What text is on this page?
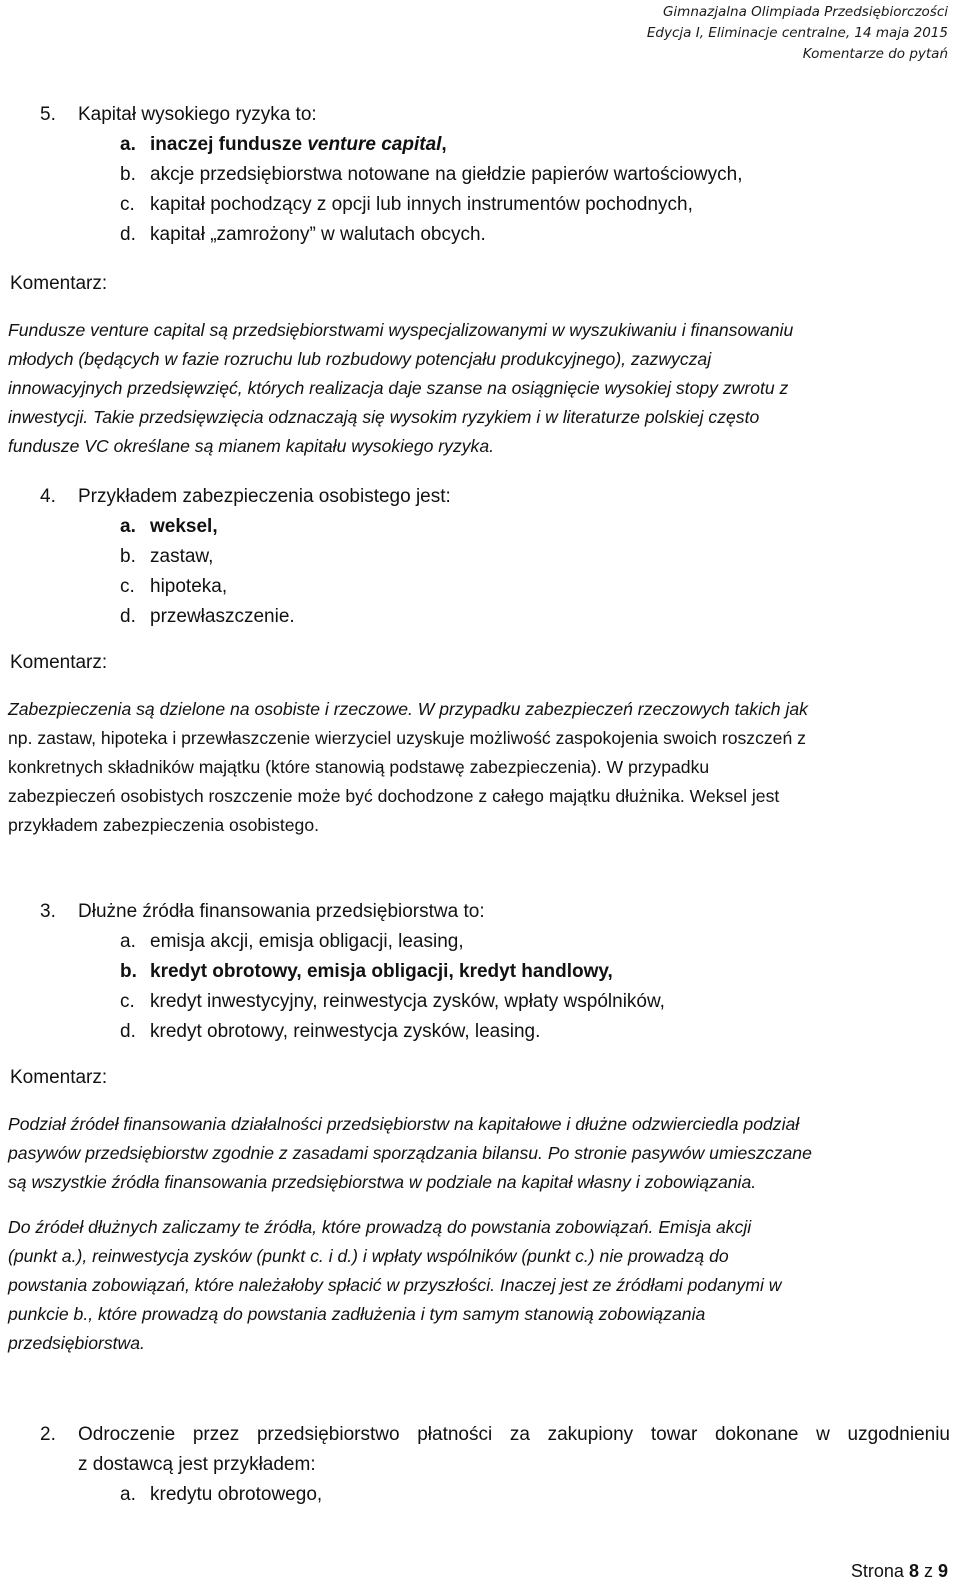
Gimnazjalna Olimpiada Przedsiębiorczości
Edycja I, Eliminacje centralne, 14 maja 2015
Komentarze do pytań
5. Kapitał wysokiego ryzyka to:
a. inaczej fundusze venture capital,
b. akcje przedsiębiorstwa notowane na giełdzie papierów wartościowych,
c. kapitał pochodzący z opcji lub innych instrumentów pochodnych,
d. kapitał „zamrożony” w walutach obcych.
Komentarz:
Fundusze venture capital są przedsiębiorstwami wyspecjalizowanymi w wyszukiwaniu i finansowaniu
młodych (będących w fazie rozruchu lub rozbudowy potencjału produkcyjnego), zazwyczaj
innowacyjnych przedsięwzięć, których realizacja daje szanse na osiągnięcie wysokiej stopy zwrotu z
inwestycji. Takie przedsięwzięcia odznaczają się wysokim ryzykiem i w literaturze polskiej często
fundusze VC określane są mianem kapitału wysokiego ryzyka.
4. Przykładem zabezpieczenia osobistego jest:
a. weksel,
b. zastaw,
c. hipoteka,
d. przewłaszczenie.
Komentarz:
Zabezpieczenia są dzielone na osobiste i rzeczowe. W przypadku zabezpieczeń rzeczowych takich jak
np. zastaw, hipoteka i przewłaszczenie wierzyciel uzyskuje możliwość zaspokojenia swoich roszczeń z
konkretnych składników majątku (które stanowią podstawę zabezpieczenia). W przypadku
zabezpieczeń osobistych roszczenie może być dochodzone z całego majątku dłużnika. Weksel jest
przykładem zabezpieczenia osobistego.
3. Dłużne źródła finansowania przedsiębiorstwa to:
a. emisja akcji, emisja obligacji, leasing,
b. kredyt obrotowy, emisja obligacji, kredyt handlowy,
c. kredyt inwestycyjny, reinwestycja zysków, wpłaty wspólników,
d. kredyt obrotowy, reinwestycja zysków, leasing.
Komentarz:
Podział źródeł finansowania działalności przedsiębiorstw na kapitałowe i dłużne odzwierciedla podział
pasywów przedsiębiorstw zgodnie z zasadami sporządzania bilansu. Po stronie pasywów umieszczane
są wszystkie źródła finansowania przedsiębiorstwa w podziale na kapitał własny i zobowiązania.
Do źródeł dłużnych zaliczamy te źródła, które prowadzą do powstania zobowiązań. Emisja akcji
(punkt a.), reinwestycja zysków (punkt c. i d.) i wpłaty wspólników (punkt c.) nie prowadzą do
powstania zobowiązań, które należałoby spłacić w przyszłości. Inaczej jest ze źródłami podanymi w
punkcie b., które prowadzą do powstania zadłużenia i tym samym stanowią zobowiązania
przedsiębiorstwa.
2.	Odroczenie przez przedsiębiorstwo płatności za zakupiony towar dokonane w uzgodnieniu
z dostawcą jest przykładem:
a. kredytu obrotowego,
Strona 8 z 9
